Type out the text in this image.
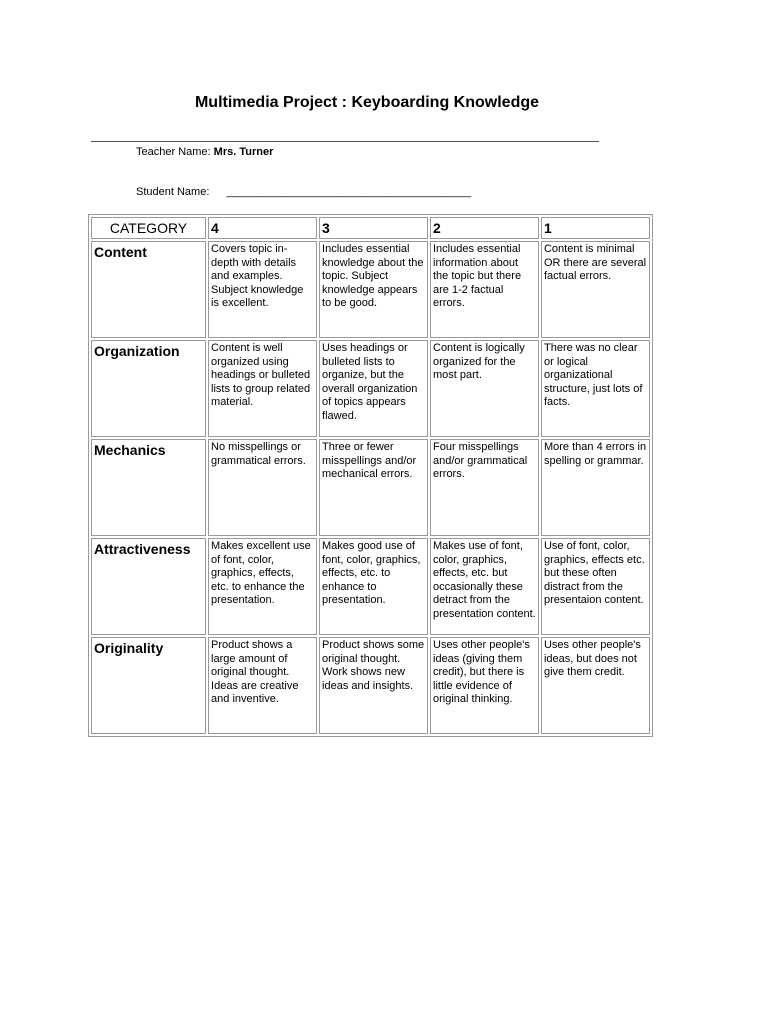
Multimedia Project : Keyboarding Knowledge
Teacher Name: Mrs. Turner
Student Name: ________________________________________
CATEGORY	4	3	2	1
Content	Covers topic in-depth with details and examples. Subject knowledge is excellent.	Includes essential knowledge about the topic. Subject knowledge appears to be good.	Includes essential information about the topic but there are 1-2 factual errors.	Content is minimal OR there are several factual errors.
Organization	Content is well organized using headings or bulleted lists to group related material.	Uses headings or bulleted lists to organize, but the overall organization of topics appears flawed.	Content is logically organized for the most part.	There was no clear or logical organizational structure, just lots of facts.
Mechanics	No misspellings or grammatical errors.	Three or fewer misspellings and/or mechanical errors.	Four misspellings and/or grammatical errors.	More than 4 errors in spelling or grammar.
Attractiveness	Makes excellent use of font, color, graphics, effects, etc. to enhance the presentation.	Makes good use of font, color, graphics, effects, etc. to enhance to presentation.	Makes use of font, color, graphics, effects, etc. but occasionally these detract from the presentation content.	Use of font, color, graphics, effects etc. but these often distract from the presentaion content.
Originality	Product shows a large amount of original thought. Ideas are creative and inventive.	Product shows some original thought. Work shows new ideas and insights.	Uses other people's ideas (giving them credit), but there is little evidence of original thinking.	Uses other people's ideas, but does not give them credit.
